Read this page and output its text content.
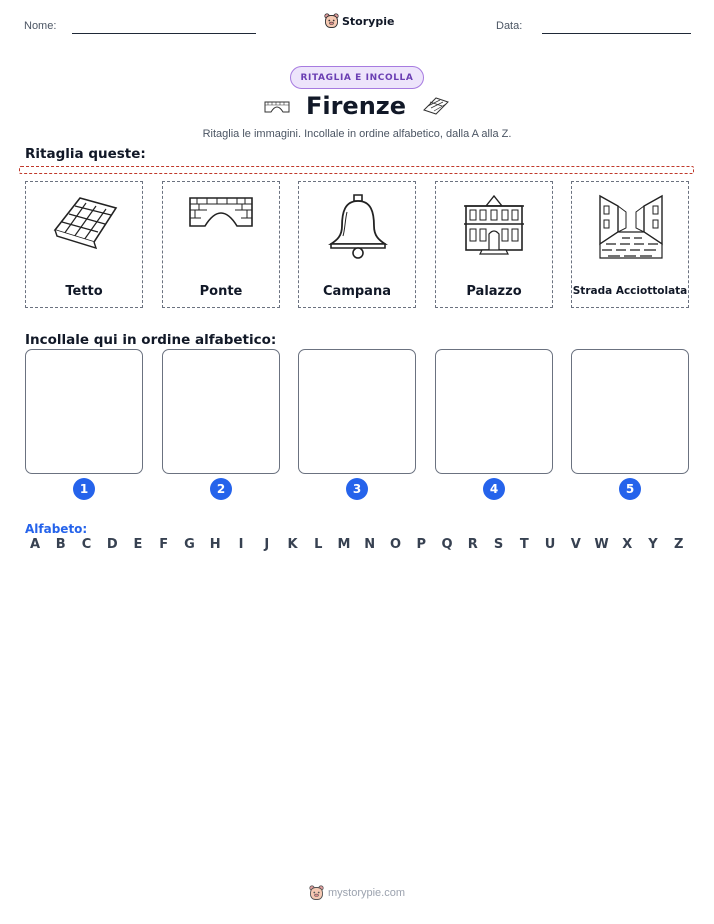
Nome:	Storypie	Data:
RITAGLIA E INCOLLA
Firenze
Ritaglia le immagini. Incollale in ordine alfabetico, dalla A alla Z.
Ritaglia queste:
Tetto	Ponte	Campana	Palazzo	Strada Acciottolata
Incollale qui in ordine alfabetico:
1	2	3	4	5
Alfabeto:
A	B	C	D	E	F	G	H	I	J	K	L	M	N	O	P	Q	R	S	T	U	V	W	X	Y	Z
mystorypie.com
